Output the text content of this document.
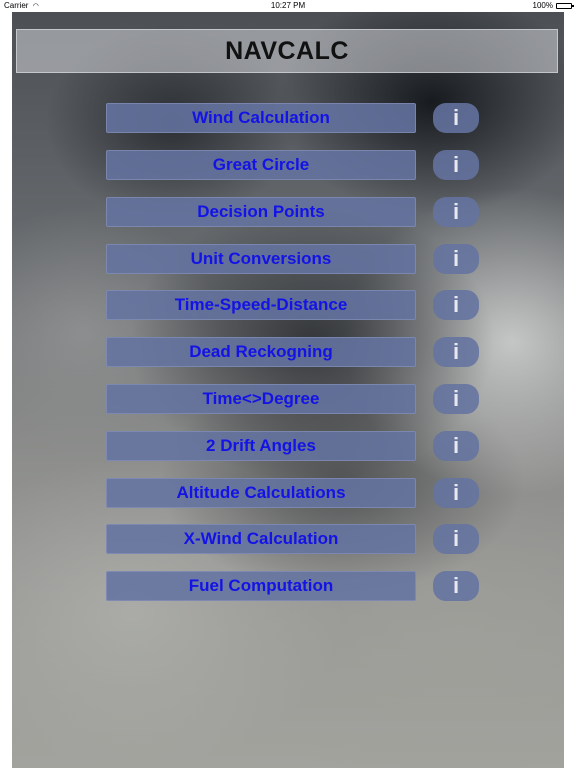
Carrier ◠	10:27 PM	100%
NAVCALC
Wind Calculation	i
Great Circle	i
Decision Points	i
Unit Conversions	i
Time-Speed-Distance	i
Dead Reckogning	i
Time<>Degree	i
2 Drift Angles	i
Altitude Calculations	i
X-Wind Calculation	i
Fuel Computation	i
